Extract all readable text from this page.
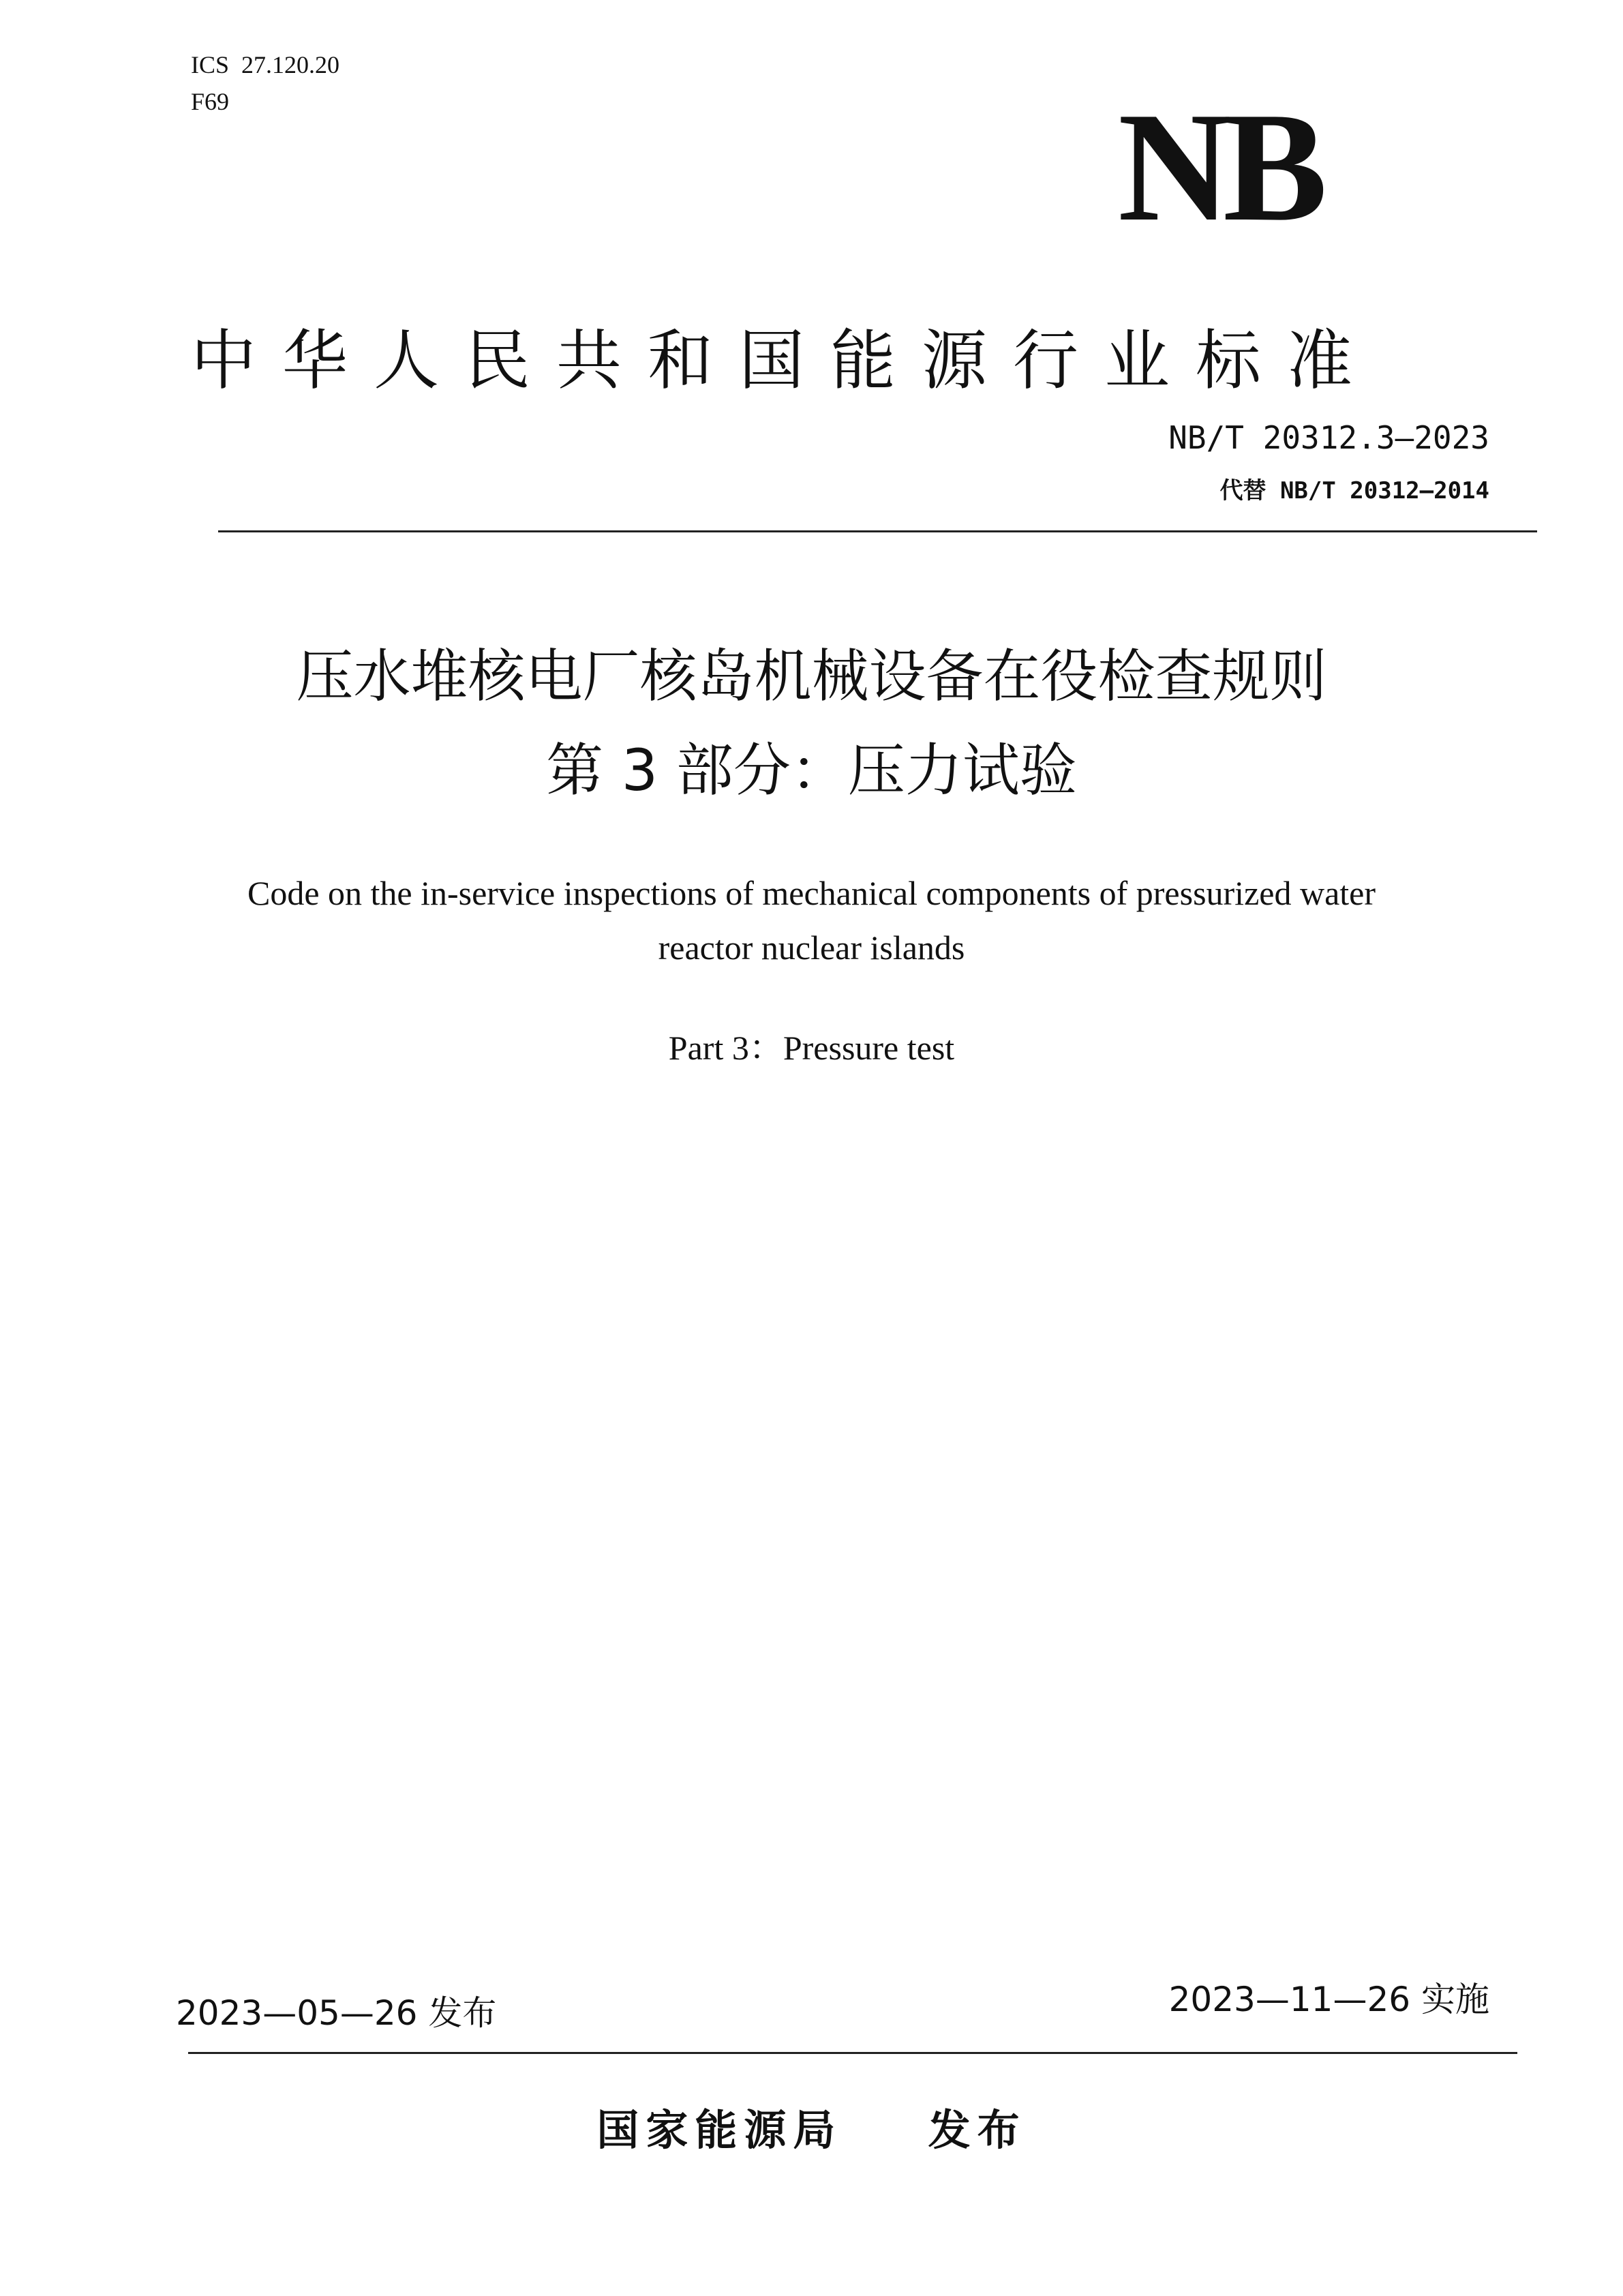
ICS  27.120.20
F69	NB
中华人民共和国能源行业标准
NB/T 20312.3—2023
代替 NB/T 20312—2014
压水堆核电厂核岛机械设备在役检查规则
第 3 部分：压力试验
Code on the in-service inspections of mechanical components of pressurized water
reactor nuclear islands
Part 3：Pressure test
2023—05—26 发布	2023—11—26 实施
国家能源局    发布
